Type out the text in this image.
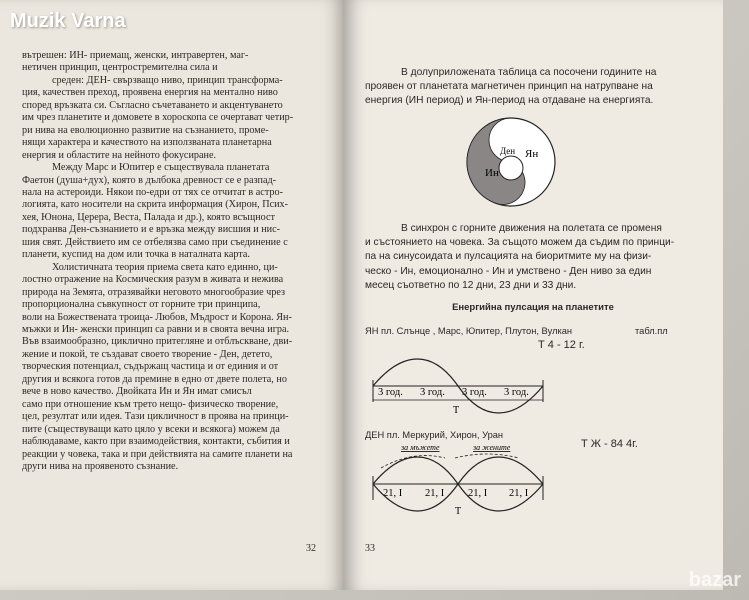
вътрешен: ИН- приемащ, женски, интравертен, маг-
нетичен принцип, центростремителна сила и
среден: ДЕН- свързващо ниво, принцип трансформа-
ция, качествен преход, проявена енергия на ментално ниво
според връзката си. Съгласно съчетаването и акцентуването
им чрез планетите и домовете в хороскопа се очертават четир-
ри нива на еволюционно развитие на съзнанието, проме-
нящи характера и качеството на използваната планетарна
енергия и областите на нейното фокусиране.
Между Марс и Юпитер е съществувала планетата
Фаетон (душа+дух), която в дълбока древност се е разпад-
нала на астероиди. Някои по-едри от тях се отчитат в астро-
логията, като носители на скрита информация (Хирон, Псих-
хея, Юнона, Церера, Веста, Палада и др.), която всъщност
подхранва Ден-съзнанието и е връзка между висшия и нис-
шия свят. Действието им се отбелязва само при съединение с
планети, куспид на дом или точка в наталната карта.
Холистичната теория приема света като единно, ци-
лостно отражение на Космическия разум в живата и нежива
природа на Земята, отразявайки неговото многообразие чрез
пропорционална съвкупност от горните три принципа,
воли на Божествената троица- Любов, Мъдрост и Корона. Ян-
мъжки и Ин- женски принцип са равни и в своята вечна игра.
Във взаимообразно, циклично притегляне и отблъскване, дви-
жение и покой, те създават своето творение - Ден, детето,
творческия потенциал, съдържащ частица и от единия и от
другия и всякога готов да премине в едно от двете полета, но
вече в ново качество. Двойката Ин и Ян имат смисъл
само при отношение към трето нещо- физическо творение,
цел, резултат или идея. Тази цикличност в проява на принци-
пите (съществуващи като цяло у всеки и всякога) можем да
наблюдаваме, както при взаимодействия, контакти, събития и
реакции у човека, така и при действията на самите планети на
други нива на проявеното съзнание.
32
В долуприложената таблица са посочени годините на
проявен от планетата магнетичен принцип на натрупване на
енергия (ИН период) и Ян-период на отдаване на енергията.
Ден Ян
Ин
В синхрон с горните движения на полетата се променя
и състоянието на човека. За същото можем да съдим по принци-
па на синусоидата и пулсацията на биоритмите му на физи-
ческо - Ин, емоционално - Ин и умствено - Ден ниво за един
месец съответно по 12 дни, 23 дни и 33 дни.
Енергийна пулсация на планетите
ЯН пл. Слънце , Марс, Юпитер, Плутон, Вулкан	табл.пл
Т 4 - 12 г.
3 год. 3 год. 3 год. 3 год.
Т
ДЕН пл. Меркурий, Хирон, Уран
Т Ж - 84 4г.
за мъжете	за жените
21, I 21, I 21, I 21, I
Т
33
Muzik Varna
bazar
